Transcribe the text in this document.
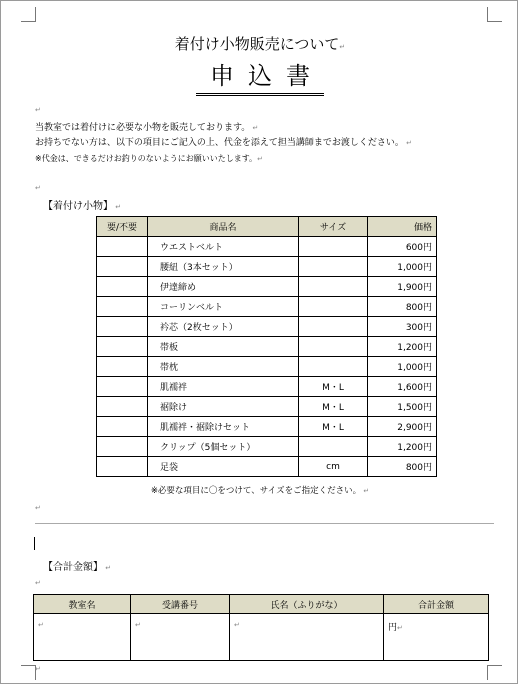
着付け小物販売について↵
申込書
↵
当教室では着付けに必要な小物を販売しております。 ↵
お持ちでない方は、以下の項目にご記入の上、代金を添えて担当講師までお渡しください。 ↵
※代金は、できるだけお釣りのないようにお願いいたします。↵
↵
【着付け小物】 ↵
要/不要	商品名	サイズ	価格
	ウエストベルト		600円
	腰紐（3本セット）		1,000円
	伊達締め		1,900円
	コーリンベルト		800円
	衿芯（2枚セット）		300円
	帯板		1,200円
	帯枕		1,000円
	肌襦袢	M・L	1,600円
	裾除け	M・L	1,500円
	肌襦袢・裾除けセット	M・L	2,900円
	クリップ（5個セット）		1,200円
	足袋	cm	800円
※必要な項目に〇をつけて、サイズをご指定ください。 ↵
↵
【合計金額】 ↵
↵
教室名	受講番号	氏名（ふりがな）	合計金額
↵	↵	↵	円↵
↵
